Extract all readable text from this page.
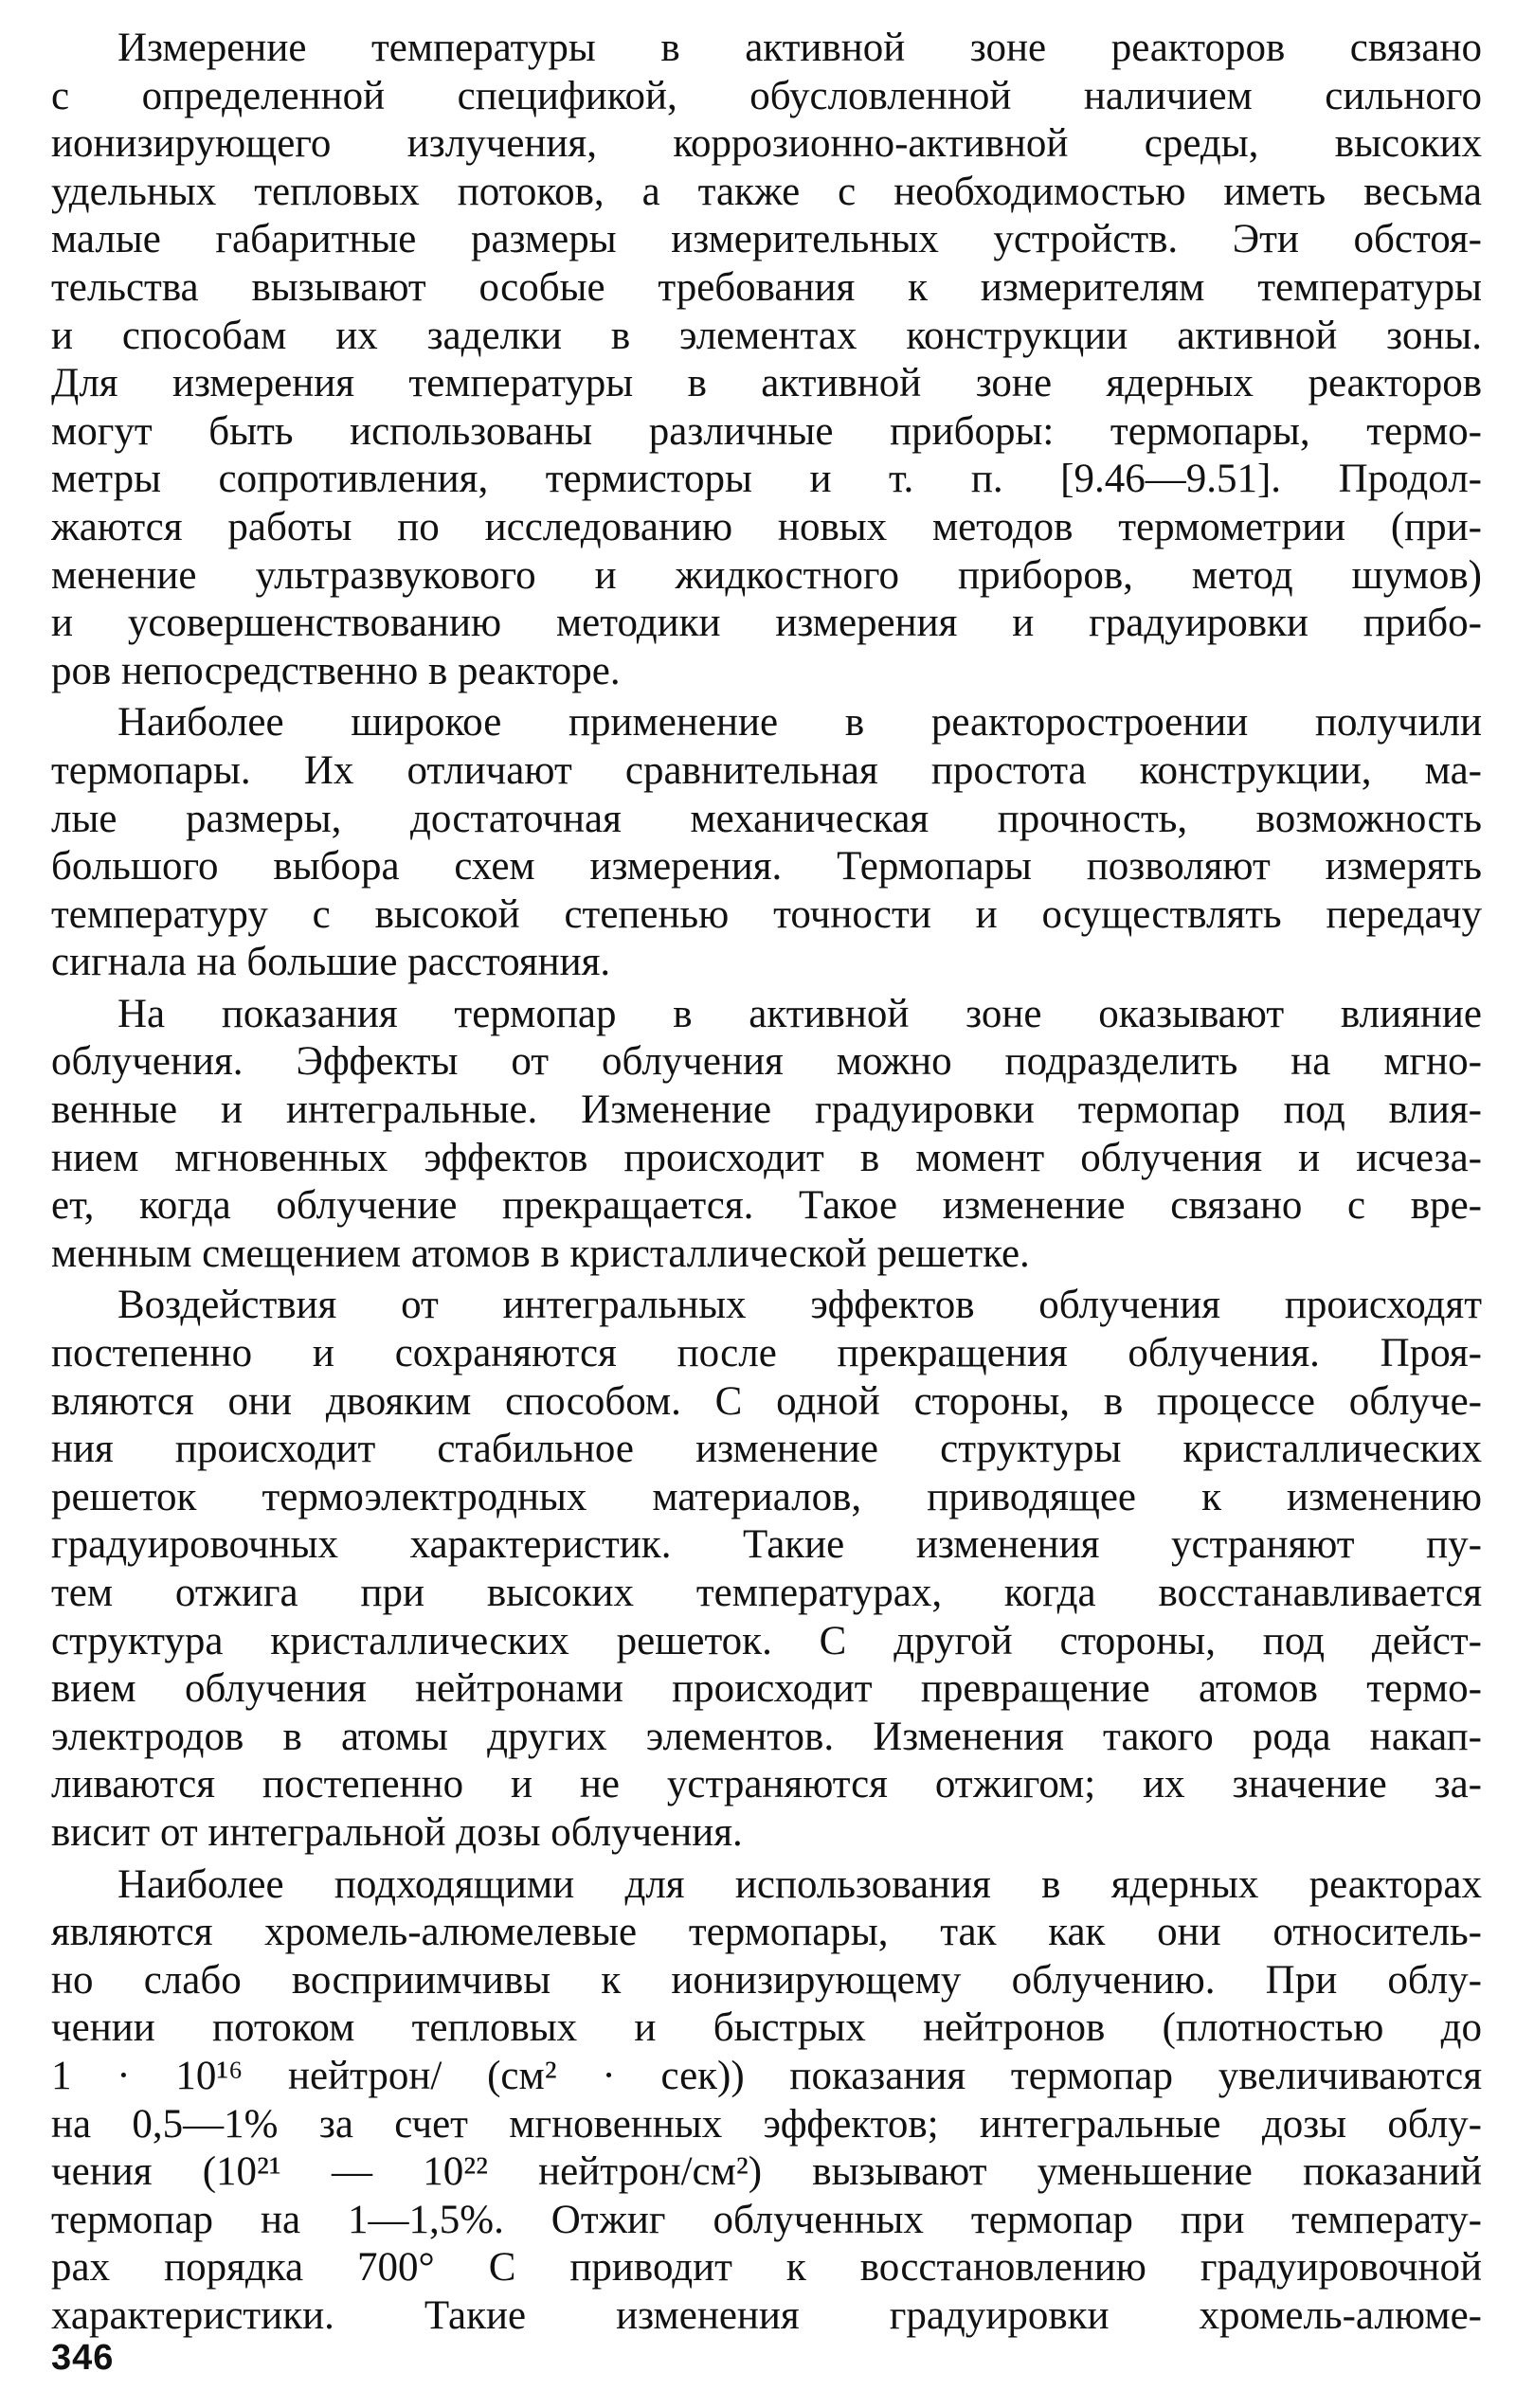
Измерение температуры в активной зоне реакторов связано
с определенной спецификой, обусловленной наличием сильного
ионизирующего излучения, коррозионно-активной среды, высоких
удельных тепловых потоков, а также с необходимостью иметь весьма
малые габаритные размеры измерительных устройств. Эти обстоя-
тельства вызывают особые требования к измерителям температуры
и способам их заделки в элементах конструкции активной зоны.
Для измерения температуры в активной зоне ядерных реакторов
могут быть использованы различные приборы: термопары, термо-
метры сопротивления, термисторы и т. п. [9.46—9.51]. Продол-
жаются работы по исследованию новых методов термометрии (при-
менение ультразвукового и жидкостного приборов, метод шумов)
и усовершенствованию методики измерения и градуировки прибо-
ров непосредственно в реакторе.
Наиболее широкое применение в реакторостроении получили
термопары. Их отличают сравнительная простота конструкции, ма-
лые размеры, достаточная механическая прочность, возможность
большого выбора схем измерения. Термопары позволяют измерять
температуру с высокой степенью точности и осуществлять передачу
сигнала на большие расстояния.
На показания термопар в активной зоне оказывают влияние
облучения. Эффекты от облучения можно подразделить на мгно-
венные и интегральные. Изменение градуировки термопар под влия-
нием мгновенных эффектов происходит в момент облучения и исчеза-
ет, когда облучение прекращается. Такое изменение связано с вре-
менным смещением атомов в кристаллической решетке.
Воздействия от интегральных эффектов облучения происходят
постепенно и сохраняются после прекращения облучения. Проя-
вляются они двояким способом. С одной стороны, в процессе облуче-
ния происходит стабильное изменение структуры кристаллических
решеток термоэлектродных материалов, приводящее к изменению
градуировочных характеристик. Такие изменения устраняют пу-
тем отжига при высоких температурах, когда восстанавливается
структура кристаллических решеток. С другой стороны, под дейст-
вием облучения нейтронами происходит превращение атомов термо-
электродов в атомы других элементов. Изменения такого рода накап-
ливаются постепенно и не устраняются отжигом; их значение за-
висит от интегральной дозы облучения.
Наиболее подходящими для использования в ядерных реакторах
являются хромель-алюмелевые термопары, так как они относитель-
но слабо восприимчивы к ионизирующему облучению. При облу-
чении потоком тепловых и быстрых нейтронов (плотностью до
1 · 10¹⁶ нейтрон/ (см² · сек)) показания термопар увеличиваются
на 0,5—1% за счет мгновенных эффектов; интегральные дозы облу-
чения (10²¹ — 10²² нейтрон/см²) вызывают уменьшение показаний
термопар на 1—1,5%. Отжиг облученных термопар при температу-
рах порядка 700° С приводит к восстановлению градуировочной
характеристики. Такие изменения градуировки хромель-алюме-
346
